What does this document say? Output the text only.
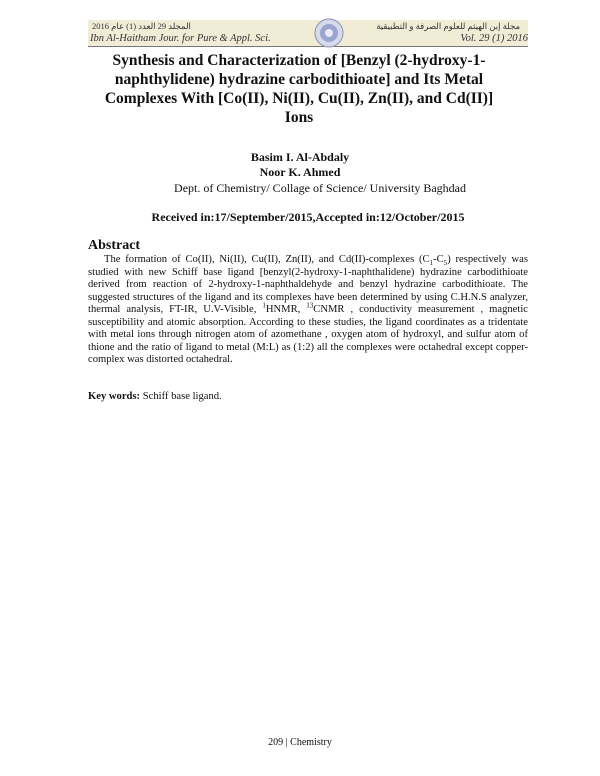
المجلد 29 العدد (1) عام 2016	مجلة إبن الهيثم للعلوم الصرفة و التطبيقية
Ibn Al-Haitham Jour. for Pure & Appl. Sci.	Vol. 29 (1) 2016
Synthesis and Characterization of [Benzyl (2-hydroxy-1-
naphthylidene) hydrazine carbodithioate] and Its Metal
Complexes With [Co(II), Ni(II), Cu(II), Zn(II), and Cd(II)]
Ions
Basim I. Al-Abdaly
Noor K. Ahmed
Dept. of Chemistry/ Collage of Science/ University Baghdad
Received in:17/September/2015,Accepted in:12/October/2015
Abstract

The formation of Co(II), Ni(II), Cu(II), Zn(II), and Cd(II)-complexes $(C_1-C_5)$ respectively was studied with new Schiff base ligand [benzyl(2-hydroxy-1-naphthalidene) hydrazine carbodithioate derived from reaction of 2-hydroxy-1-naphthaldehyde and benzyl hydrazine carbodithioate. The suggested structures of the ligand and its complexes have been determined by using C.H.N.S analyzer, thermal analysis, FT-IR, U.V-Visible, $^1$HNMR, $^{13}$CNMR , conductivity measurement , magnetic susceptibility and atomic absorption. According to these studies, the ligand coordinates as a tridentate with metal ions through nitrogen atom of azomethane , oxygen atom of hydroxyl, and sulfur atom of thione and the ratio of ligand to metal (M:L) as (1:2) all the complexes were octahedral except copper-complex was distorted octahedral.

Key words: Schiff base ligand.
209 | Chemistry
